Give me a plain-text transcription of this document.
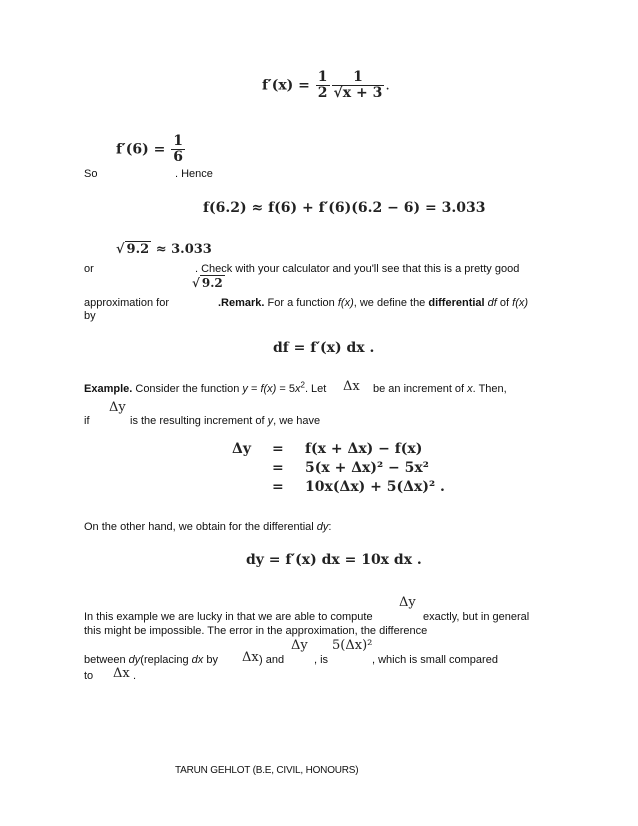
$f'(x) = \frac{1}{2} \frac{1}{√x + 3}$ .
$f'(6) = \frac{1}{6}$
So	. Hence
f(6.2) ≈ f(6) + f′(6)(6.2 − 6) = 3.033
√ 9.2 ≈ 3.033
or	. Check with your calculator and you'll see that this is a pretty good
√ 9.2
approximation for	.Remark. For a function f(x), we define the differential df of f(x)
by
df = f′(x) dx .
Example. Consider the function $y = f(x) = 5x^2$. Let Δx be an increment of x. Then,
Δy
if	is the resulting increment of y, we have
Δy = f(x + Δx) − f(x)
= 5(x + Δx)² − 5x²
= 10x(Δx) + 5(Δx)² .
On the other hand, we obtain for the differential dy:
dy = f′(x) dx = 10x dx .
Δy
In this example we are lucky in that we are able to compute	exactly, but in general
this might be impossible. The error in the approximation, the difference
Δy 5(Δx)²
between dy(replacing dx by Δx ) and	, is	, which is small compared
to Δx .
TARUN GEHLOT (B.E, CIVIL, HONOURS)
